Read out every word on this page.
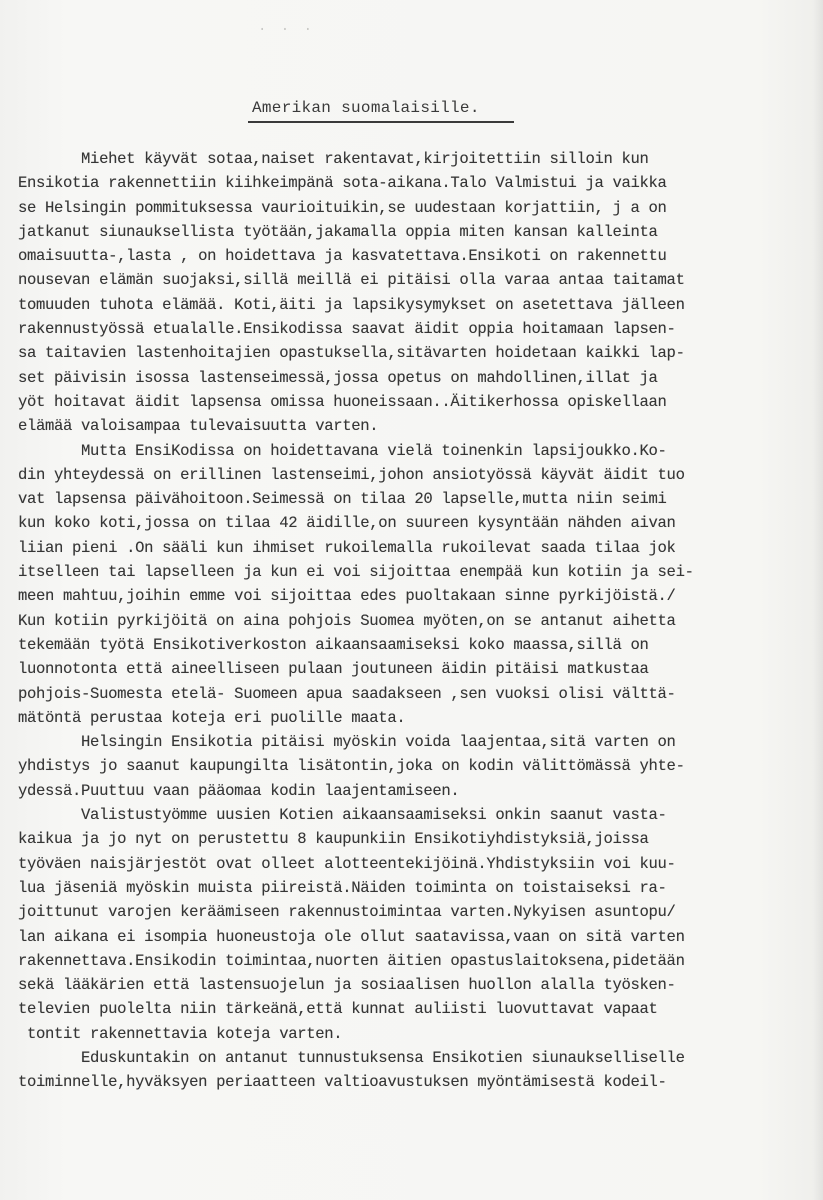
· · ·
Amerikan suomalaisille.
Miehet käyvät sotaa,naiset rakentavat,kirjoitettiin silloin kun
Ensikotia rakennettiin kiihkeimpänä sota-aikana.Talo Valmistui ja vaikka
se Helsingin pommituksessa vaurioituikin,se uudestaan korjattiin, j a on
jatkanut siunauksellista työtään,jakamalla oppia miten kansan kalleinta
omaisuutta-,lasta , on hoidettava ja kasvatettava.Ensikoti on rakennettu
nousevan elämän suojaksi,sillä meillä ei pitäisi olla varaa antaa taitamat
tomuuden tuhota elämää. Koti,äiti ja lapsikysymykset on asetettava jälleen
rakennustyössä etualalle.Ensikodissa saavat äidit oppia hoitamaan lapsen-
sa taitavien lastenhoitajien opastuksella,sitävarten hoidetaan kaikki lap-
set päivisin isossa lastenseimessä,jossa opetus on mahdollinen,illat ja
yöt hoitavat äidit lapsensa omissa huoneissaan..Äitikerhossa opiskellaan
elämää valoisampaa tulevaisuutta varten.
Mutta EnsiKodissa on hoidettavana vielä toinenkin lapsijoukko.Ko-
din yhteydessä on erillinen lastenseimi,johon ansiotyössä käyvät äidit tuo
vat lapsensa päivähoitoon.Seimessä on tilaa 20 lapselle,mutta niin seimi
kun koko koti,jossa on tilaa 42 äidille,on suureen kysyntään nähden aivan
liian pieni .On sääli kun ihmiset rukoilemalla rukoilevat saada tilaa jok
itselleen tai lapselleen ja kun ei voi sijoittaa enempää kun kotiin ja sei-
meen mahtuu,joihin emme voi sijoittaa edes puoltakaan sinne pyrkijöistä./
Kun kotiin pyrkijöitä on aina pohjois Suomea myöten,on se antanut aihetta
tekemään työtä Ensikotiverkoston aikaansaamiseksi koko maassa,sillä on
luonnotonta että aineelliseen pulaan joutuneen äidin pitäisi matkustaa
pohjois-Suomesta etelä- Suomeen apua saadakseen ,sen vuoksi olisi välttä-
mätöntä perustaa koteja eri puolille maata.
Helsingin Ensikotia pitäisi myöskin voida laajentaa,sitä varten on
yhdistys jo saanut kaupungilta lisätontin,joka on kodin välittömässä yhte-
ydessä.Puuttuu vaan pääomaa kodin laajentamiseen.
Valistustyömme uusien Kotien aikaansaamiseksi onkin saanut vasta-
kaikua ja jo nyt on perustettu 8 kaupunkiin Ensikotiyhdistyksiä,joissa
työväen naisjärjestöt ovat olleet alotteentekijöinä.Yhdistyksiin voi kuu-
lua jäseniä myöskin muista piireistä.Näiden toiminta on toistaiseksi ra-
joittunut varojen keräämiseen rakennustoimintaa varten.Nykyisen asuntopu/
lan aikana ei isompia huoneustoja ole ollut saatavissa,vaan on sitä varten
rakennettava.Ensikodin toimintaa,nuorten äitien opastuslaitoksena,pidetään
sekä lääkärien että lastensuojelun ja sosiaalisen huollon alalla työsken-
televien puolelta niin tärkeänä,että kunnat auliisti luovuttavat vapaat
tontit rakennettavia koteja varten.
Eduskuntakin on antanut tunnustuksensa Ensikotien siunaukselliselle
toiminnelle,hyväksyen periaatteen valtioavustuksen myöntämisestä kodeil-
